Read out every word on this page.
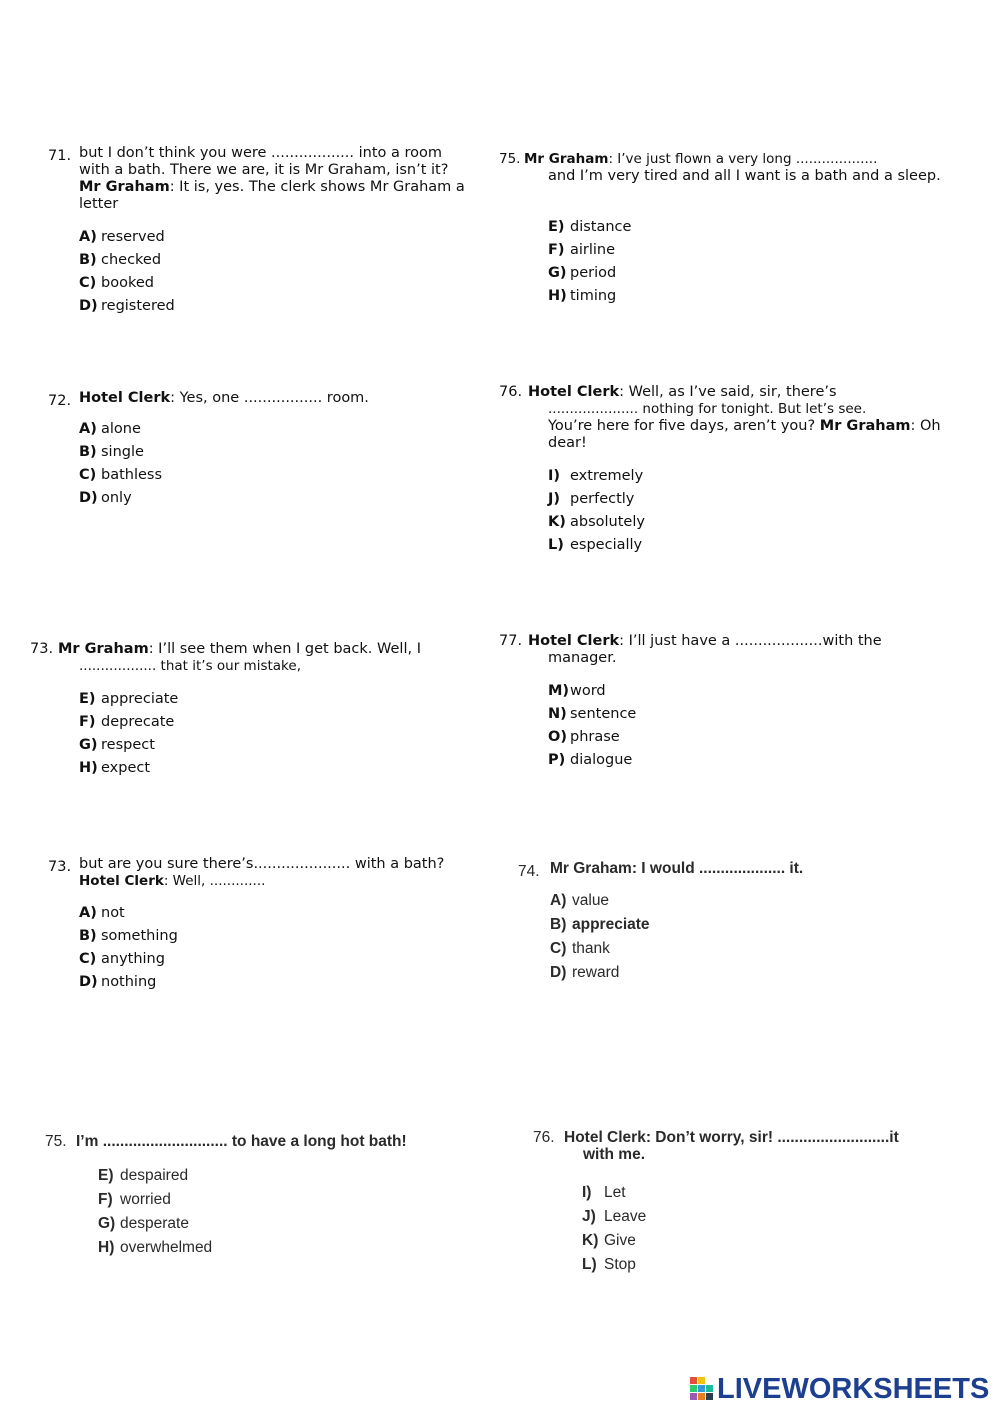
71. but I don’t think you were .................. into a room

with a bath. There we are, it is Mr Graham, isn’t it?

Mr Graham: It is, yes. The clerk shows Mr Graham a

letter

A) reserved
B) checked
C) booked
D) registered
75. Mr Graham: I’ve just ﬂown a very long ...................

and I’m very tired and all I want is a bath and a sleep.

E) distance
F) airline
G) period
H) timing
72. Hotel Clerk: Yes, one ................. room.

A) alone
B) single
C) bathless
D) only
76. Hotel Clerk: Well, as I’ve said, sir, there’s

..................... nothing for tonight. But let’s see.

You’re here for ﬁve days, aren’t you? Mr Graham: Oh

dear!

I) extremely
J) perfectly
K) absolutely
L) especially
73. Mr Graham: I’ll see them when I get back. Well, I

.................. that it’s our mistake,

E) appreciate
F) deprecate
G) respect
H) expect
77. Hotel Clerk: I’ll just have a ...................with the

manager.

M)word
N) sentence
O) phrase
P) dialogue
73. but are you sure there’s..................... with a bath?

Hotel Clerk: Well, .............

A) not
B) something
C) anything
D) nothing
74. Mr Graham: I would .................... it.

A) value
B) appreciate
C) thank
D) reward
75. I’m ............................. to have a long hot bath!

E) despaired
F) worried
G) desperate
H) overwhelmed
76. Hotel Clerk: Don’t worry, sir! ..........................it

with me.

I) Let
J) Leave
K) Give
L) Stop
LIVEWORKSHEETS
